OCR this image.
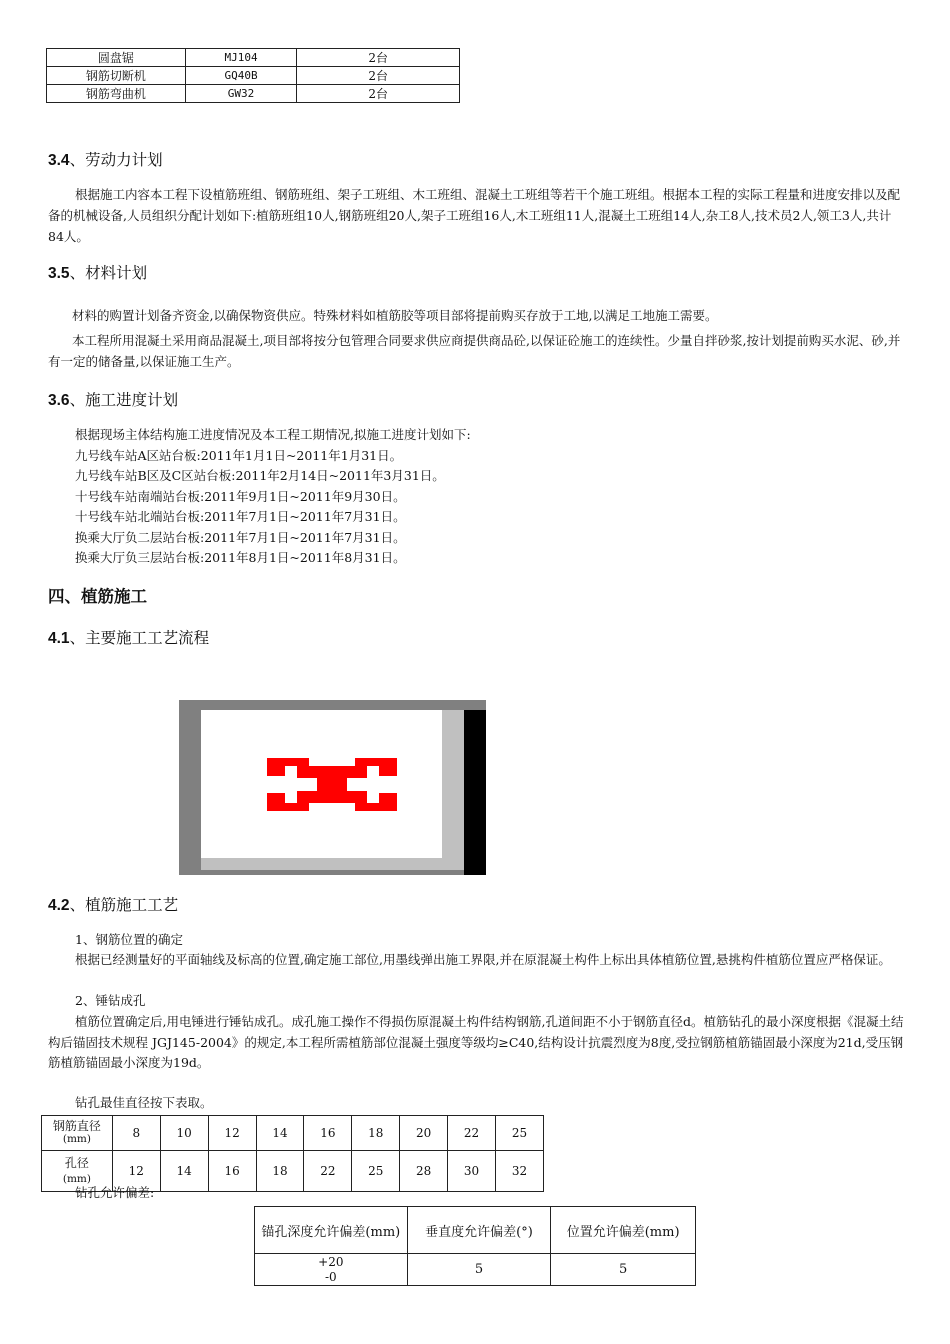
圆盘锯	MJ104	2台
钢筋切断机	GQ40B	2台
钢筋弯曲机	GW32	2台
3.4、劳动力计划
根据施工内容本工程下设植筋班组、钢筋班组、架子工班组、木工班组、混凝土工班组等若干个施工班组。根据本工程的实际工程量和进度安排以及配备的机械设备,人员组织分配计划如下:植筋班组10人,钢筋班组20人,架子工班组16人,木工班组11人,混凝土工班组14人,杂工8人,技术员2人,领工3人,共计84人。
3.5、材料计划
材料的购置计划备齐资金,以确保物资供应。特殊材料如植筋胶等项目部将提前购买存放于工地,以满足工地施工需要。
本工程所用混凝土采用商品混凝土,项目部将按分包管理合同要求供应商提供商品砼,以保证砼施工的连续性。少量自拌砂浆,按计划提前购买水泥、砂,并有一定的储备量,以保证施工生产。
3.6、施工进度计划
根据现场主体结构施工进度情况及本工程工期情况,拟施工进度计划如下:
九号线车站A区站台板:2011年1月1日~2011年1月31日。
九号线车站B区及C区站台板:2011年2月14日~2011年3月31日。
十号线车站南端站台板:2011年9月1日~2011年9月30日。
十号线车站北端站台板:2011年7月1日~2011年7月31日。
换乘大厅负二层站台板:2011年7月1日~2011年7月31日。
换乘大厅负三层站台板:2011年8月1日~2011年8月31日。
四、植筋施工
4.1、主要施工工艺流程
4.2、植筋施工工艺
1、钢筋位置的确定
根据已经测量好的平面轴线及标高的位置,确定施工部位,用墨线弹出施工界限,并在原混凝土构件上标出具体植筋位置,悬挑构件植筋位置应严格保证。
2、锤钻成孔
植筋位置确定后,用电锤进行锤钻成孔。成孔施工操作不得损伤原混凝土构件结构钢筋,孔道间距不小于钢筋直径d。植筋钻孔的最小深度根据《混凝土结构后锚固技术规程 JGJ145-2004》的规定,本工程所需植筋部位混凝土强度等级均≥C40,结构设计抗震烈度为8度,受拉钢筋植筋锚固最小深度为21d,受压钢筋植筋锚固最小深度为19d。
钻孔最佳直径按下表取。
钢筋直径
(mm)	8	10	12	14	16	18	20	22	25

孔径
(mm)	12	14	16	18	22	25	28	30	32
钻孔允许偏差:
锚孔深度允许偏差(mm)	垂直度允许偏差(°)	位置允许偏差(mm)

+20
-0	5	5
